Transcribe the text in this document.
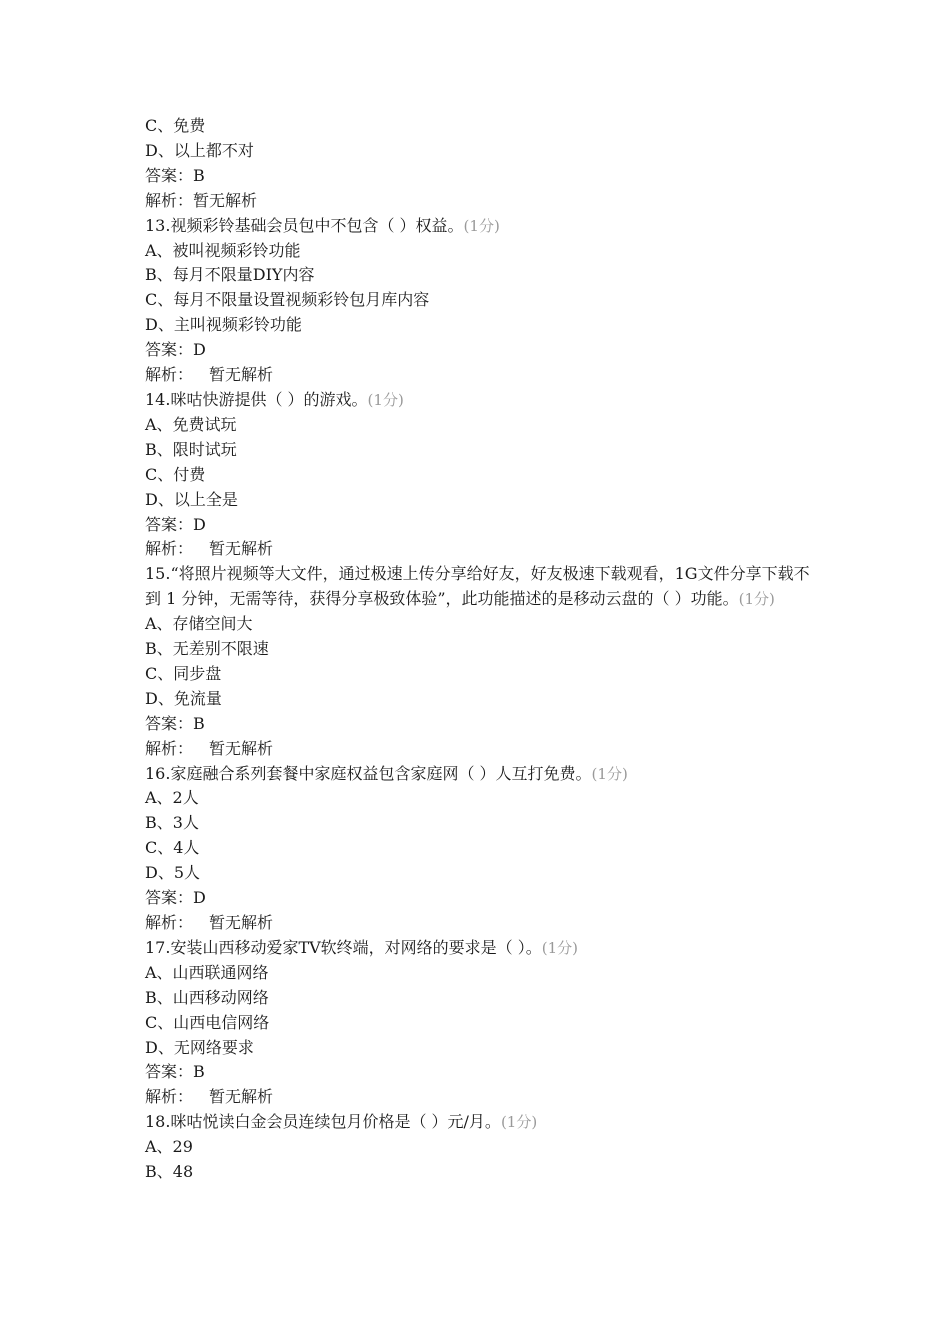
C、免费

D、以上都不对

答案：B

解析：暂无解析

13.视频彩铃基础会员包中不包含（ ）权益。(1分)

A、被叫视频彩铃功能

B、每月不限量DIY内容

C、每月不限量设置视频彩铃包月库内容

D、主叫视频彩铃功能

答案：D

解析： 暂无解析

14.咪咕快游提供（ ）的游戏。(1分)

A、免费试玩

B、限时试玩

C、付费

D、以上全是

答案：D

解析： 暂无解析

15.“将照片视频等大文件，通过极速上传分享给好友，好友极速下载观看，1G文件分享下载不到 1 分钟，无需等待，获得分享极致体验”，此功能描述的是移动云盘的（ ）功能。(1分)

A、存储空间大

B、无差别不限速

C、同步盘

D、免流量

答案：B

解析： 暂无解析

16.家庭融合系列套餐中家庭权益包含家庭网（ ）人互打免费。(1分)

A、2人

B、3人

C、4人

D、5人

答案：D

解析： 暂无解析

17.安装山西移动爱家TV软终端，对网络的要求是（ ）。(1分)

A、山西联通网络

B、山西移动网络

C、山西电信网络

D、无网络要求

答案：B

解析： 暂无解析

18.咪咕悦读白金会员连续包月价格是（ ）元/月。(1分)

A、29

B、48
